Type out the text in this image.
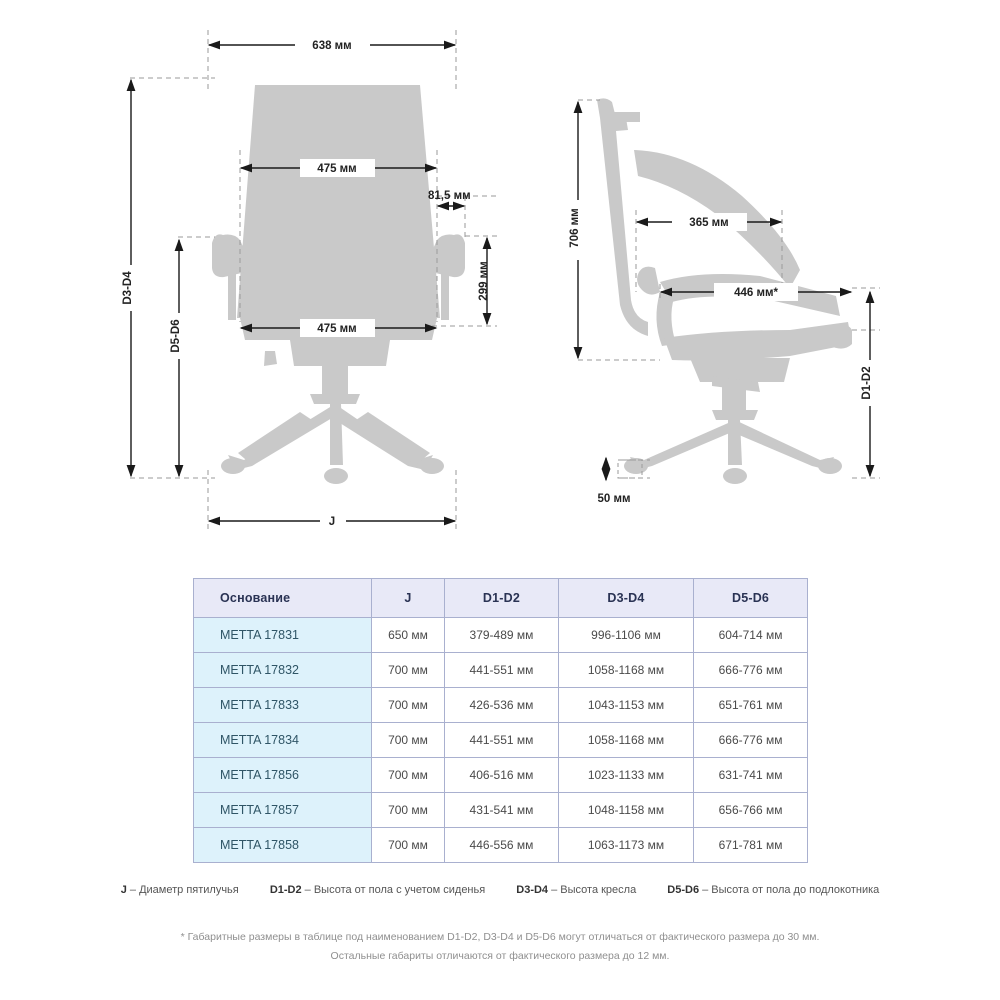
638 мм
475 мм
81,5 мм
475 мм
299 мм
D3-D4
D5-D6
J
706 мм	365 мм
446 мм*
D1-D2
50 мм
Основание	J	D1-D2	D3-D4	D5-D6
METTA 17831	650 мм	379-489 мм	996-1106 мм	604-714 мм
METTA 17832	700 мм	441-551 мм	1058-1168 мм	666-776 мм
METTA 17833	700 мм	426-536 мм	1043-1153 мм	651-761 мм
METTA 17834	700 мм	441-551 мм	1058-1168 мм	666-776 мм
METTA 17856	700 мм	406-516 мм	1023-1133 мм	631-741 мм
METTA 17857	700 мм	431-541 мм	1048-1158 мм	656-766 мм
METTA 17858	700 мм	446-556 мм	1063-1173 мм	671-781 мм
J – Диаметр пятилучья	D1-D2 – Высота от пола с учетом сиденья	D3-D4 – Высота кресла	D5-D6 – Высота от пола до подлокотника
* Габаритные размеры в таблице под наименованием D1-D2, D3-D4 и D5-D6 могут отличаться от фактического размера до 30 мм.
Остальные габариты отличаются от фактического размера до 12 мм.
